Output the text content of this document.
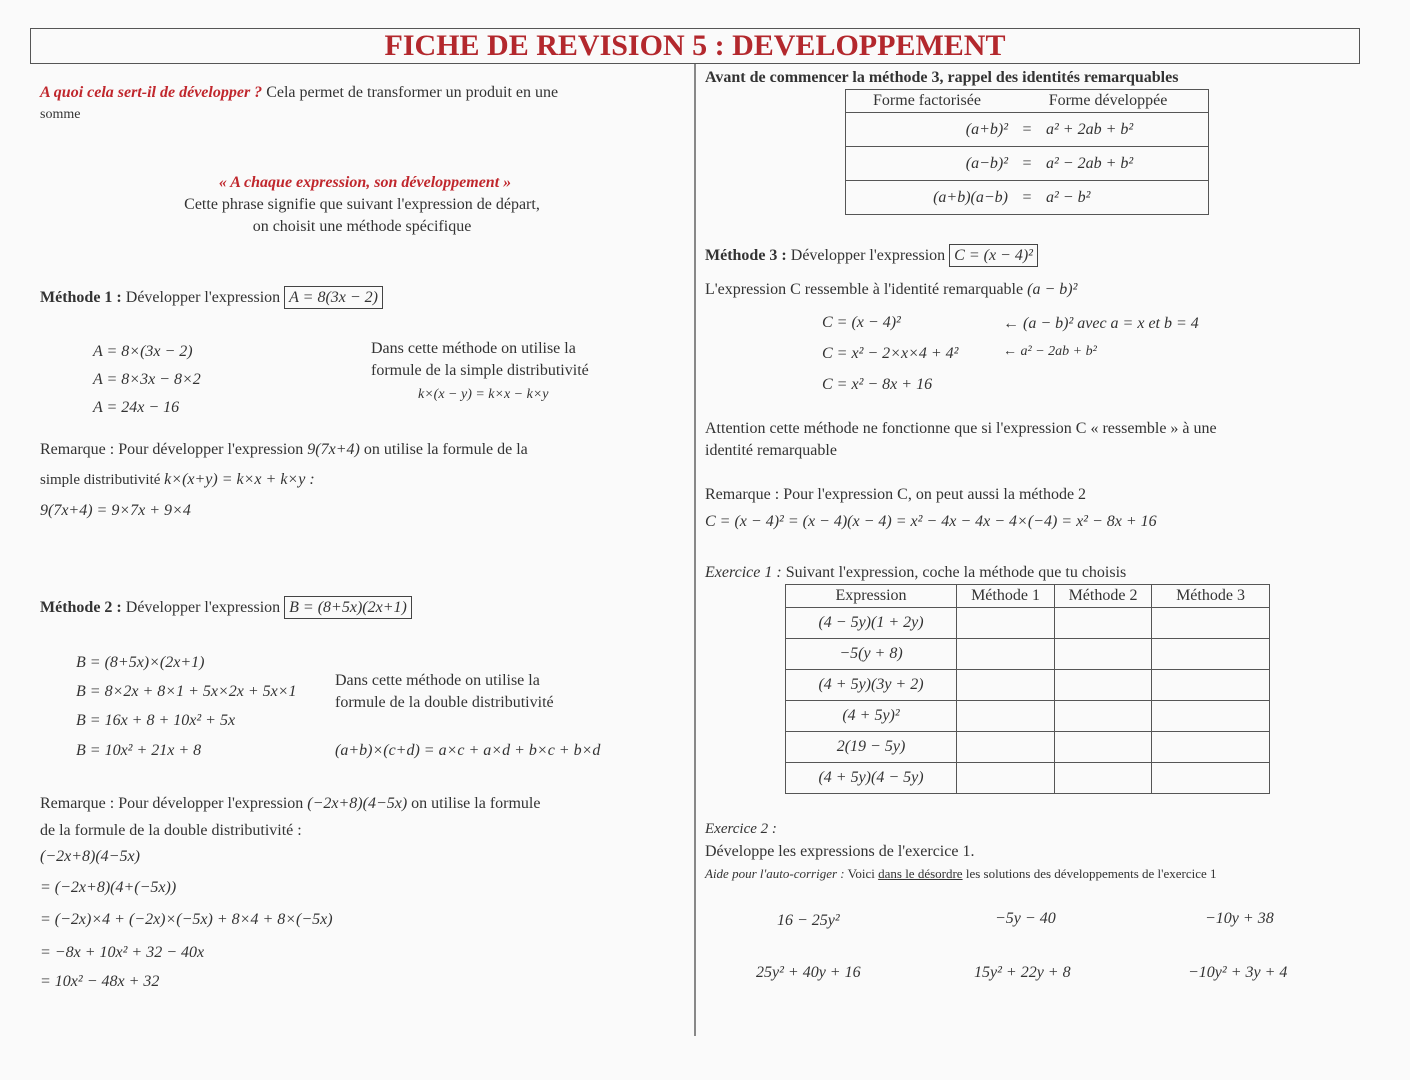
FICHE DE REVISION 5 : DEVELOPPEMENT
A quoi cela sert-il de développer ? Cela permet de transformer un produit en une
somme
« A chaque expression, son développement »
Cette phrase signifie que suivant l'expression de départ,
on choisit une méthode spécifique
Méthode 1 : Développer l'expression A = 8(3x − 2)
A = 8×(3x − 2)
A = 8×3x − 8×2
A = 24x − 16
Dans cette méthode on utilise la
formule de la simple distributivité
k×(x − y) = k×x − k×y
Remarque : Pour développer l'expression 9(7x+4) on utilise la formule de la
simple distributivité k×(x+y) = k×x + k×y :
9(7x+4) = 9×7x + 9×4
Méthode 2 : Développer l'expression B = (8+5x)(2x+1)
B = (8+5x)×(2x+1)
B = 8×2x + 8×1 + 5x×2x + 5x×1
B = 16x + 8 + 10x² + 5x
B = 10x² + 21x + 8
Dans cette méthode on utilise la
formule de la double distributivité
(a+b)×(c+d) = a×c + a×d + b×c + b×d
Remarque : Pour développer l'expression (−2x+8)(4−5x) on utilise la formule
de la formule de la double distributivité :
(−2x+8)(4−5x)
= (−2x+8)(4+(−5x))
= (−2x)×4 + (−2x)×(−5x) + 8×4 + 8×(−5x)
= −8x + 10x² + 32 − 40x
= 10x² − 48x + 32
Avant de commencer la méthode 3, rappel des identités remarquables
Forme factorisée	Forme développée
(a+b)² = a² + 2ab + b²
(a−b)² = a² − 2ab + b²
(a+b)(a−b) = a² − b²
Méthode 3 : Développer l'expression C = (x − 4)²
L'expression C ressemble à l'identité remarquable (a − b)²
C = (x − 4)²
C = x² − 2×x×4 + 4²
C = x² − 8x + 16
← (a − b)² avec a = x et b = 4
← a² − 2ab + b²
Attention cette méthode ne fonctionne que si l'expression C « ressemble » à une
identité remarquable
Remarque : Pour l'expression C, on peut aussi la méthode 2
C = (x − 4)² = (x − 4)(x − 4) = x² − 4x − 4x − 4×(−4) = x² − 8x + 16
Exercice 1 : Suivant l'expression, coche la méthode que tu choisis
Expression	Méthode 1	Méthode 2	Méthode 3
(4 − 5y)(1 + 2y)			
−5(y + 8)			
(4 + 5y)(3y + 2)			
(4 + 5y)²			
2(19 − 5y)			
(4 + 5y)(4 − 5y)			
Exercice 2 :
Développe les expressions de l'exercice 1.
Aide pour l'auto-corriger : Voici dans le désordre les solutions des développements de l'exercice 1
16 − 25y²	−5y − 40	−10y + 38
25y² + 40y + 16	15y² + 22y + 8	−10y² + 3y + 4
